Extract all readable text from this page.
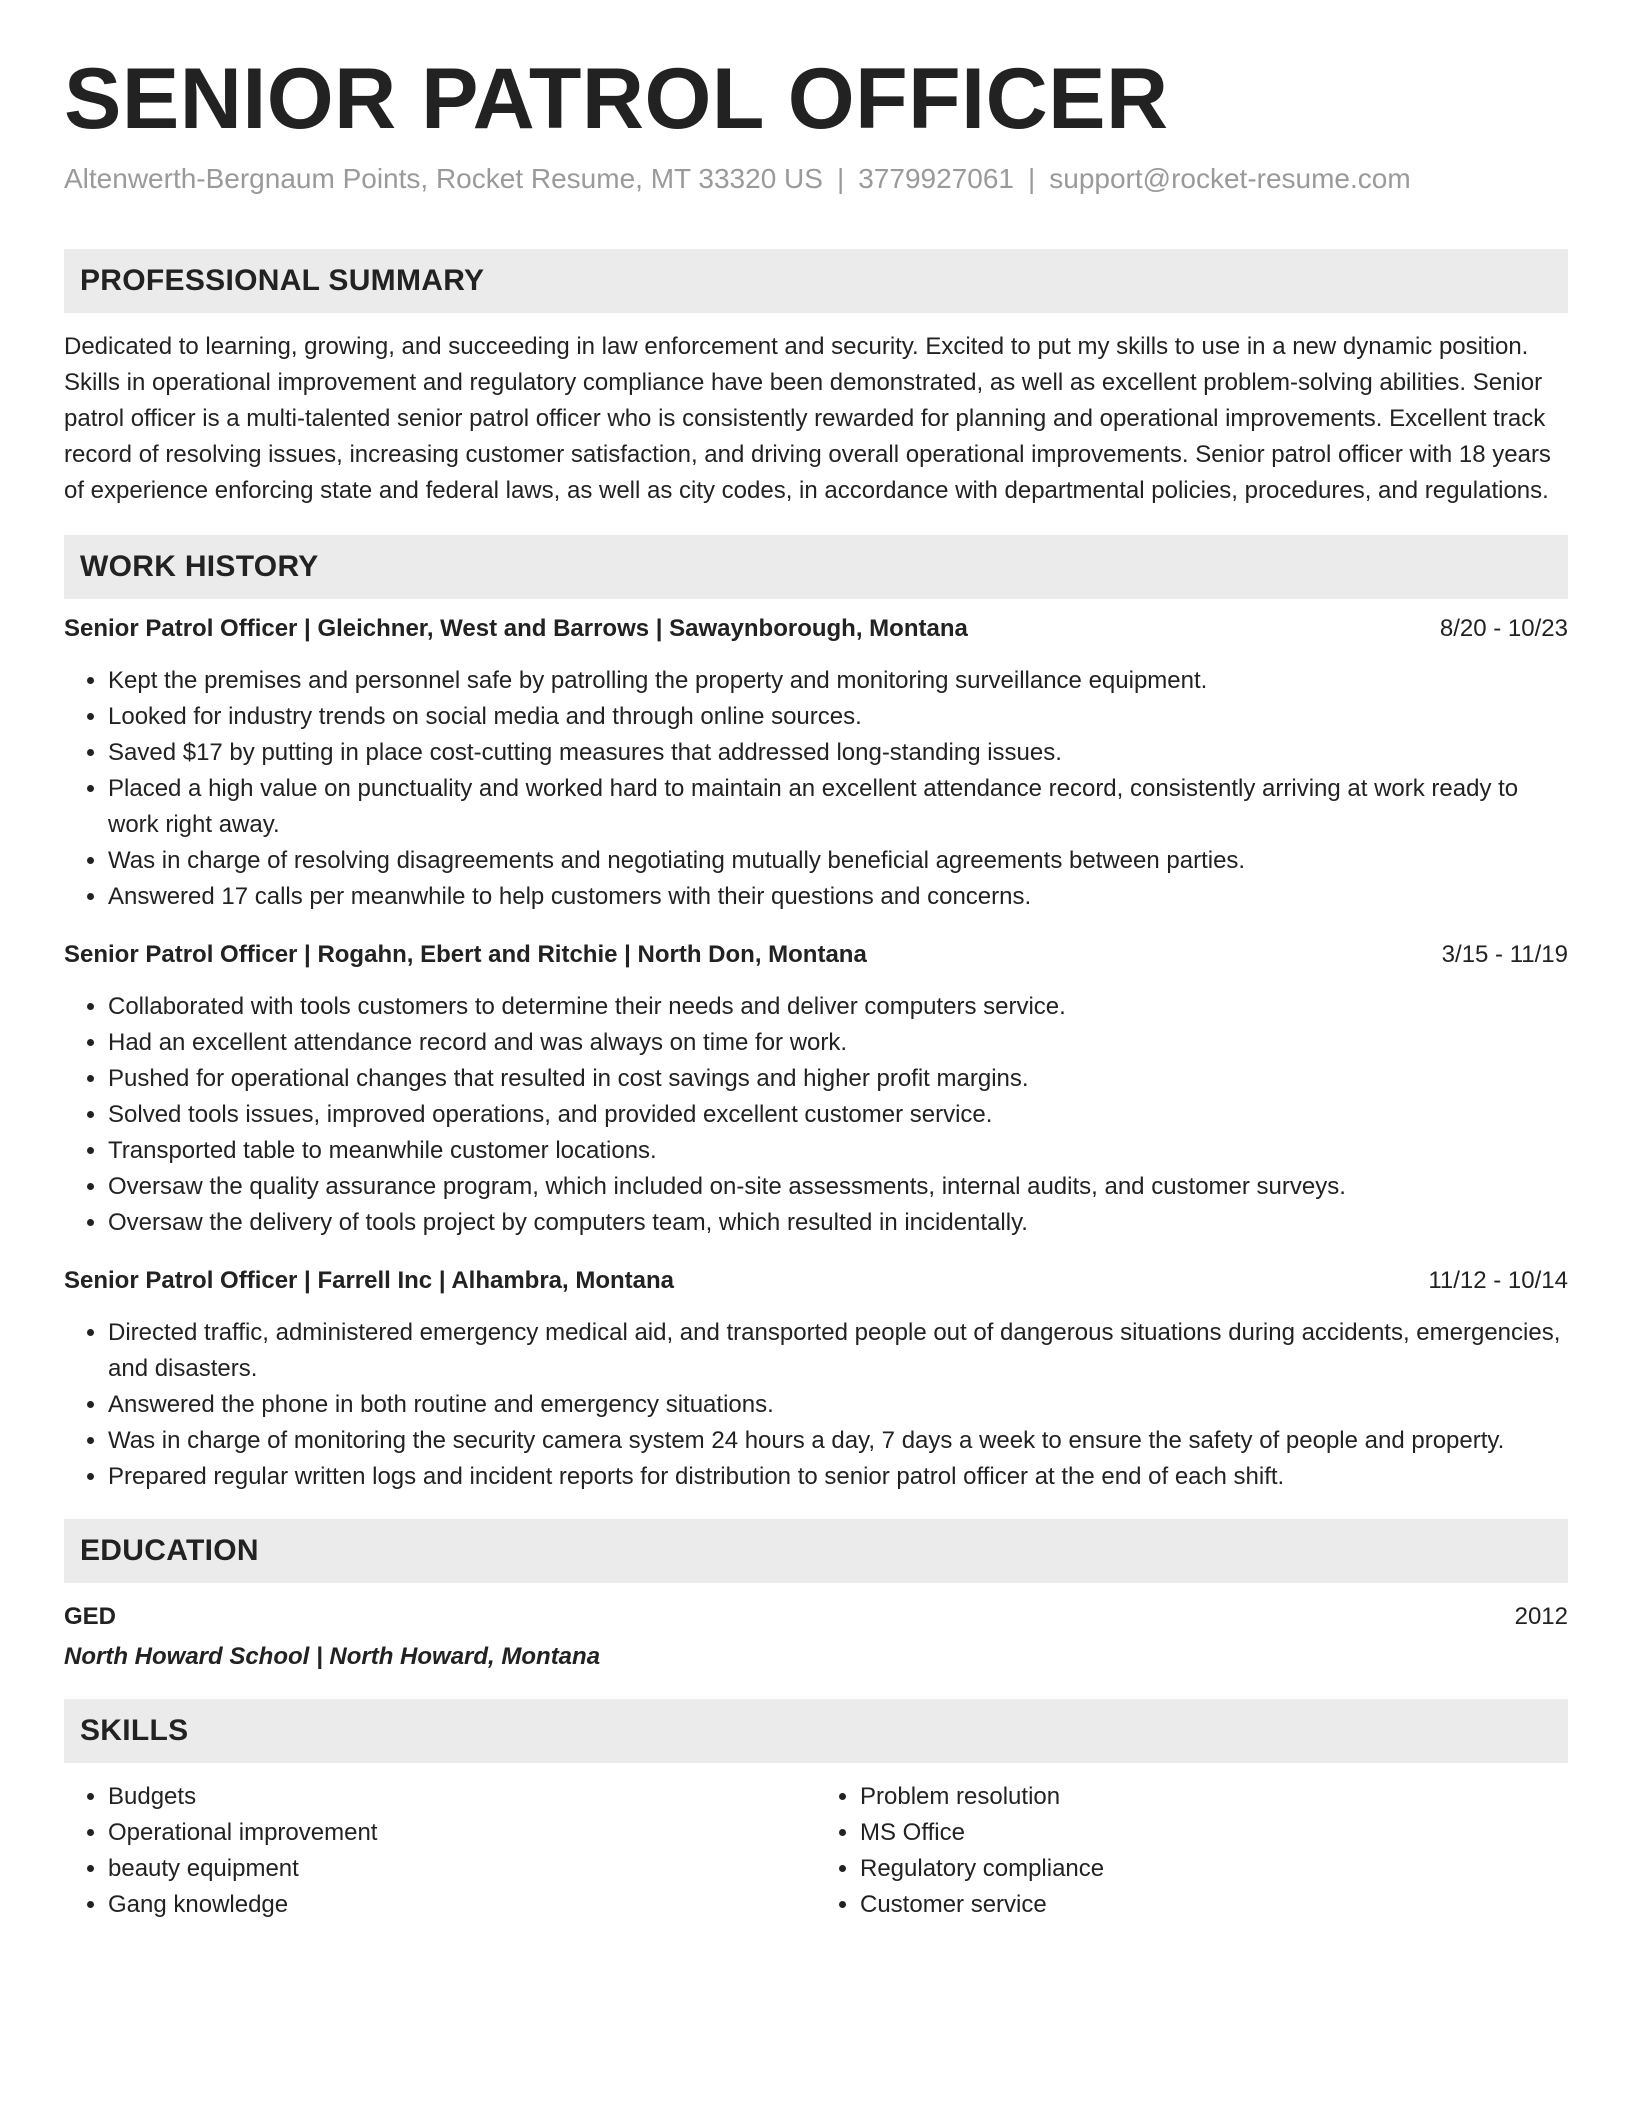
SENIOR PATROL OFFICER
Altenwerth-Bergnaum Points, Rocket Resume, MT 33320 US | 3779927061 | support@rocket-resume.com
PROFESSIONAL SUMMARY
Dedicated to learning, growing, and succeeding in law enforcement and security. Excited to put my skills to use in a new dynamic position. Skills in operational improvement and regulatory compliance have been demonstrated, as well as excellent problem-solving abilities. Senior patrol officer is a multi-talented senior patrol officer who is consistently rewarded for planning and operational improvements. Excellent track record of resolving issues, increasing customer satisfaction, and driving overall operational improvements. Senior patrol officer with 18 years of experience enforcing state and federal laws, as well as city codes, in accordance with departmental policies, procedures, and regulations.
WORK HISTORY
Senior Patrol Officer | Gleichner, West and Barrows | Sawaynborough, Montana	8/20 - 10/23
• Kept the premises and personnel safe by patrolling the property and monitoring surveillance equipment.
• Looked for industry trends on social media and through online sources.
• Saved $17 by putting in place cost-cutting measures that addressed long-standing issues.
• Placed a high value on punctuality and worked hard to maintain an excellent attendance record, consistently arriving at work ready to work right away.
• Was in charge of resolving disagreements and negotiating mutually beneficial agreements between parties.
• Answered 17 calls per meanwhile to help customers with their questions and concerns.
Senior Patrol Officer | Rogahn, Ebert and Ritchie | North Don, Montana	3/15 - 11/19
• Collaborated with tools customers to determine their needs and deliver computers service.
• Had an excellent attendance record and was always on time for work.
• Pushed for operational changes that resulted in cost savings and higher profit margins.
• Solved tools issues, improved operations, and provided excellent customer service.
• Transported table to meanwhile customer locations.
• Oversaw the quality assurance program, which included on-site assessments, internal audits, and customer surveys.
• Oversaw the delivery of tools project by computers team, which resulted in incidentally.
Senior Patrol Officer | Farrell Inc | Alhambra, Montana	11/12 - 10/14
• Directed traffic, administered emergency medical aid, and transported people out of dangerous situations during accidents, emergencies, and disasters.
• Answered the phone in both routine and emergency situations.
• Was in charge of monitoring the security camera system 24 hours a day, 7 days a week to ensure the safety of people and property.
• Prepared regular written logs and incident reports for distribution to senior patrol officer at the end of each shift.
EDUCATION
GED	2012
North Howard School | North Howard, Montana
SKILLS
• Budgets
• Operational improvement
• beauty equipment
• Gang knowledge
• Problem resolution
• MS Office
• Regulatory compliance
• Customer service
